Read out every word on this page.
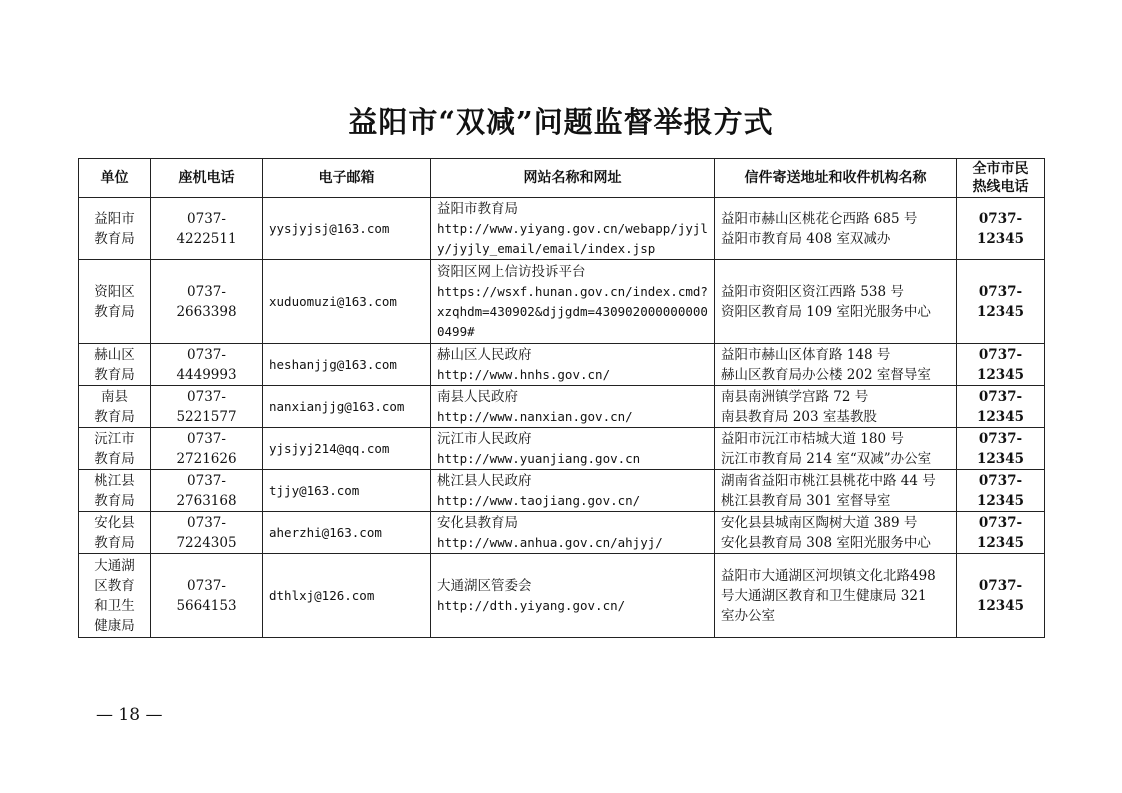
益阳市“双减”问题监督举报方式
单位	座机电话	电子邮箱	网站名称和网址	信件寄送地址和收件机构名称	全市市民
热线电话

益阳市
教育局	0737-4222511	yysjyjsj@163.com	益阳市教育局
http://www.yiyang.gov.cn/webapp/jyjly/jyjly_email/email/index.jsp	益阳市赫山区桃花仑西路 685 号
益阳市教育局 408 室双减办	0737-12345

资阳区
教育局	0737-2663398	xuduomuzi@163.com	资阳区网上信访投诉平台
https://wsxf.hunan.gov.cn/index.cmd?xzqhdm=430902&djjgdm=4309020000000000499#	益阳市资阳区资江西路 538 号
资阳区教育局 109 室阳光服务中心	0737-12345

赫山区
教育局	0737-4449993	heshanjjg@163.com	赫山区人民政府
http://www.hnhs.gov.cn/	益阳市赫山区体育路 148 号
赫山区教育局办公楼 202 室督导室	0737-12345

南县
教育局	0737-5221577	nanxianjjg@163.com	南县人民政府
http://www.nanxian.gov.cn/	南县南洲镇学宫路 72 号
南县教育局 203 室基教股	0737-12345

沅江市
教育局	0737-2721626	yjsjyj214@qq.com	沅江市人民政府
http://www.yuanjiang.gov.cn	益阳市沅江市桔城大道 180 号
沅江市教育局 214 室“双减”办公室	0737-12345

桃江县
教育局	0737-2763168	tjjy@163.com	桃江县人民政府
http://www.taojiang.gov.cn/	湖南省益阳市桃江县桃花中路 44 号
桃江县教育局 301 室督导室	0737-12345

安化县
教育局	0737-7224305	aherzhi@163.com	安化县教育局
http://www.anhua.gov.cn/ahjyj/	安化县县城南区陶树大道 389 号
安化县教育局 308 室阳光服务中心	0737-12345

大通湖
区教育
和卫生
健康局	0737-5664153	dthlxj@126.com	大通湖区管委会
http://dth.yiyang.gov.cn/	益阳市大通湖区河坝镇文化北路498
号大通湖区教育和卫生健康局 321
室办公室	0737-12345
— 18 —
